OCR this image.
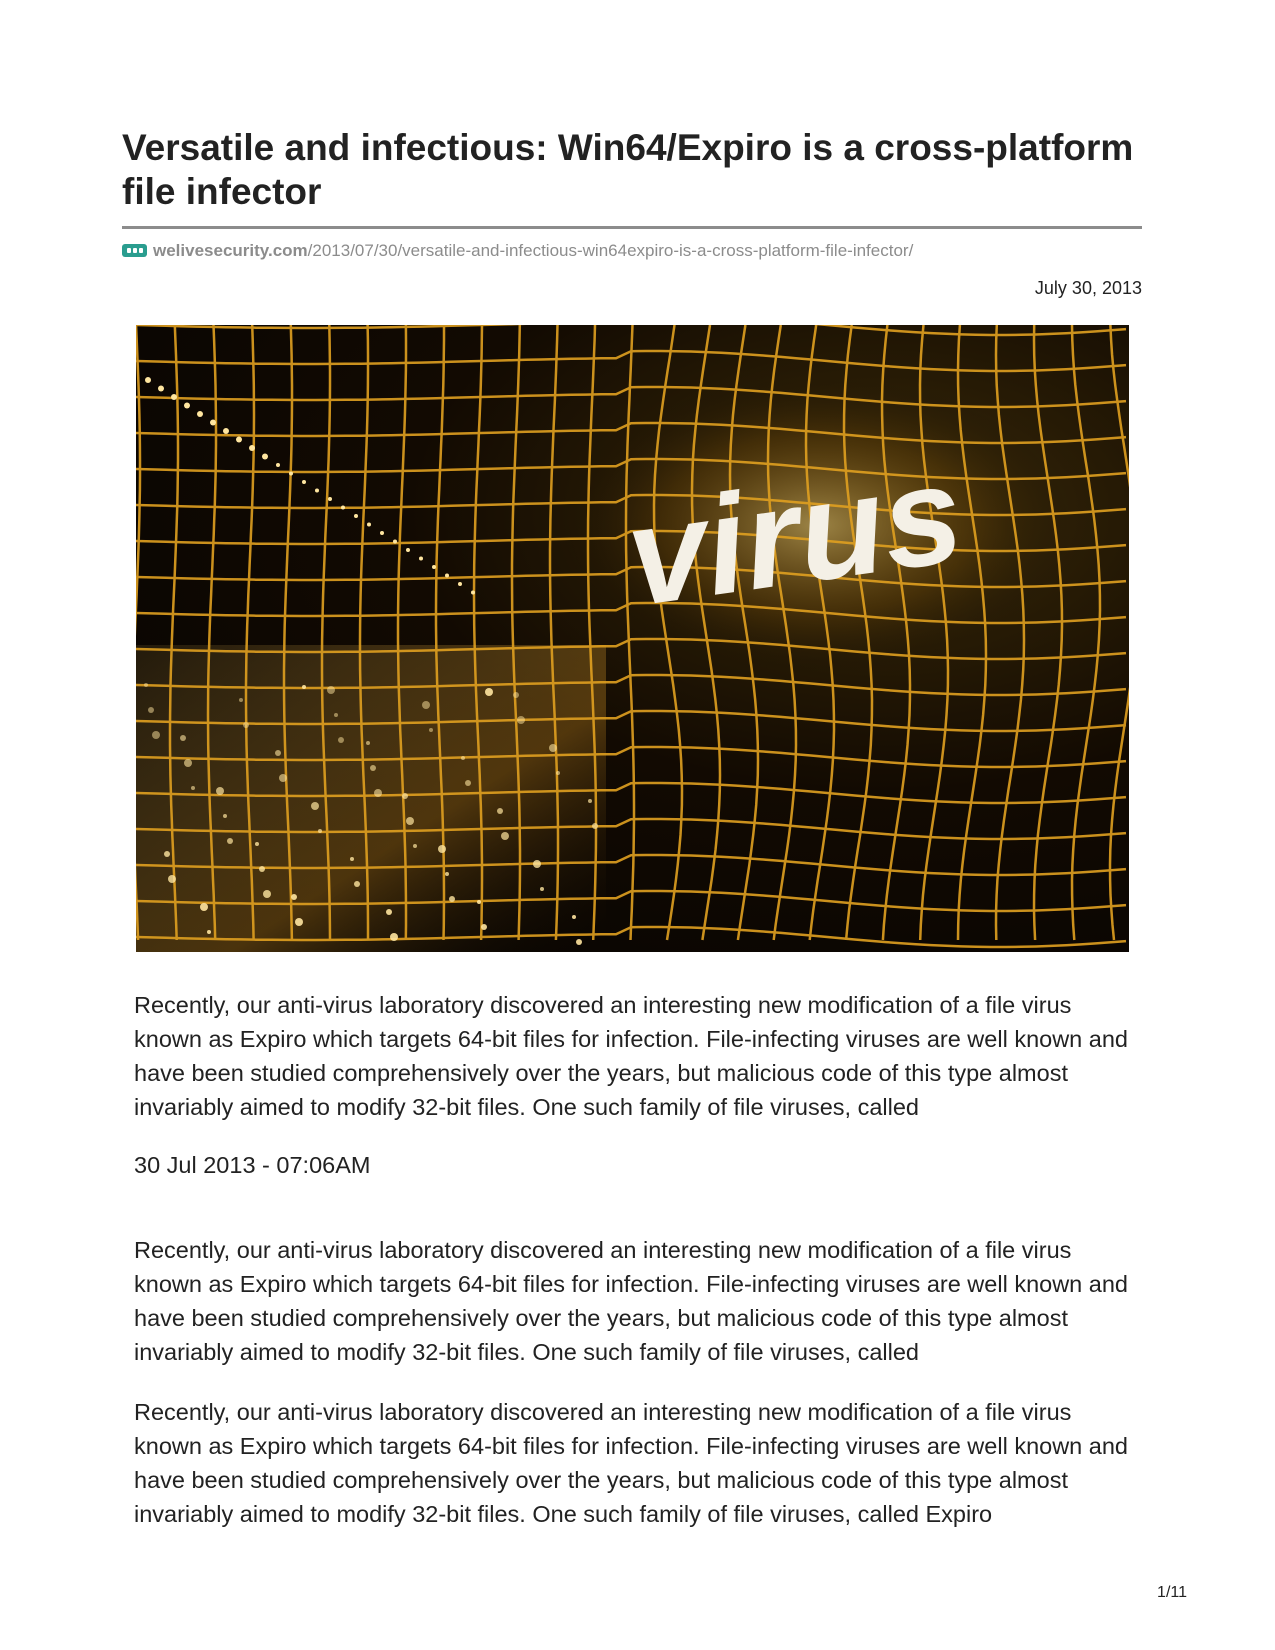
Versatile and infectious: Win64/Expiro is a cross-platform file infector
welivesecurity.com/2013/07/30/versatile-and-infectious-win64expiro-is-a-cross-platform-file-infector/
July 30, 2013
virus

Recently, our anti-virus laboratory discovered an interesting new modification of a file virus known as Expiro which targets 64-bit files for infection. File-infecting viruses are well known and have been studied comprehensively over the years, but malicious code of this type almost invariably aimed to modify 32-bit files. One such family of file viruses, called

30 Jul 2013 - 07:06AM

Recently, our anti-virus laboratory discovered an interesting new modification of a file virus known as Expiro which targets 64-bit files for infection. File-infecting viruses are well known and have been studied comprehensively over the years, but malicious code of this type almost invariably aimed to modify 32-bit files. One such family of file viruses, called

Recently, our anti-virus laboratory discovered an interesting new modification of a file virus known as Expiro which targets 64-bit files for infection. File-infecting viruses are well known and have been studied comprehensively over the years, but malicious code of this type almost invariably aimed to modify 32-bit files. One such family of file viruses, called Expiro

1/11
